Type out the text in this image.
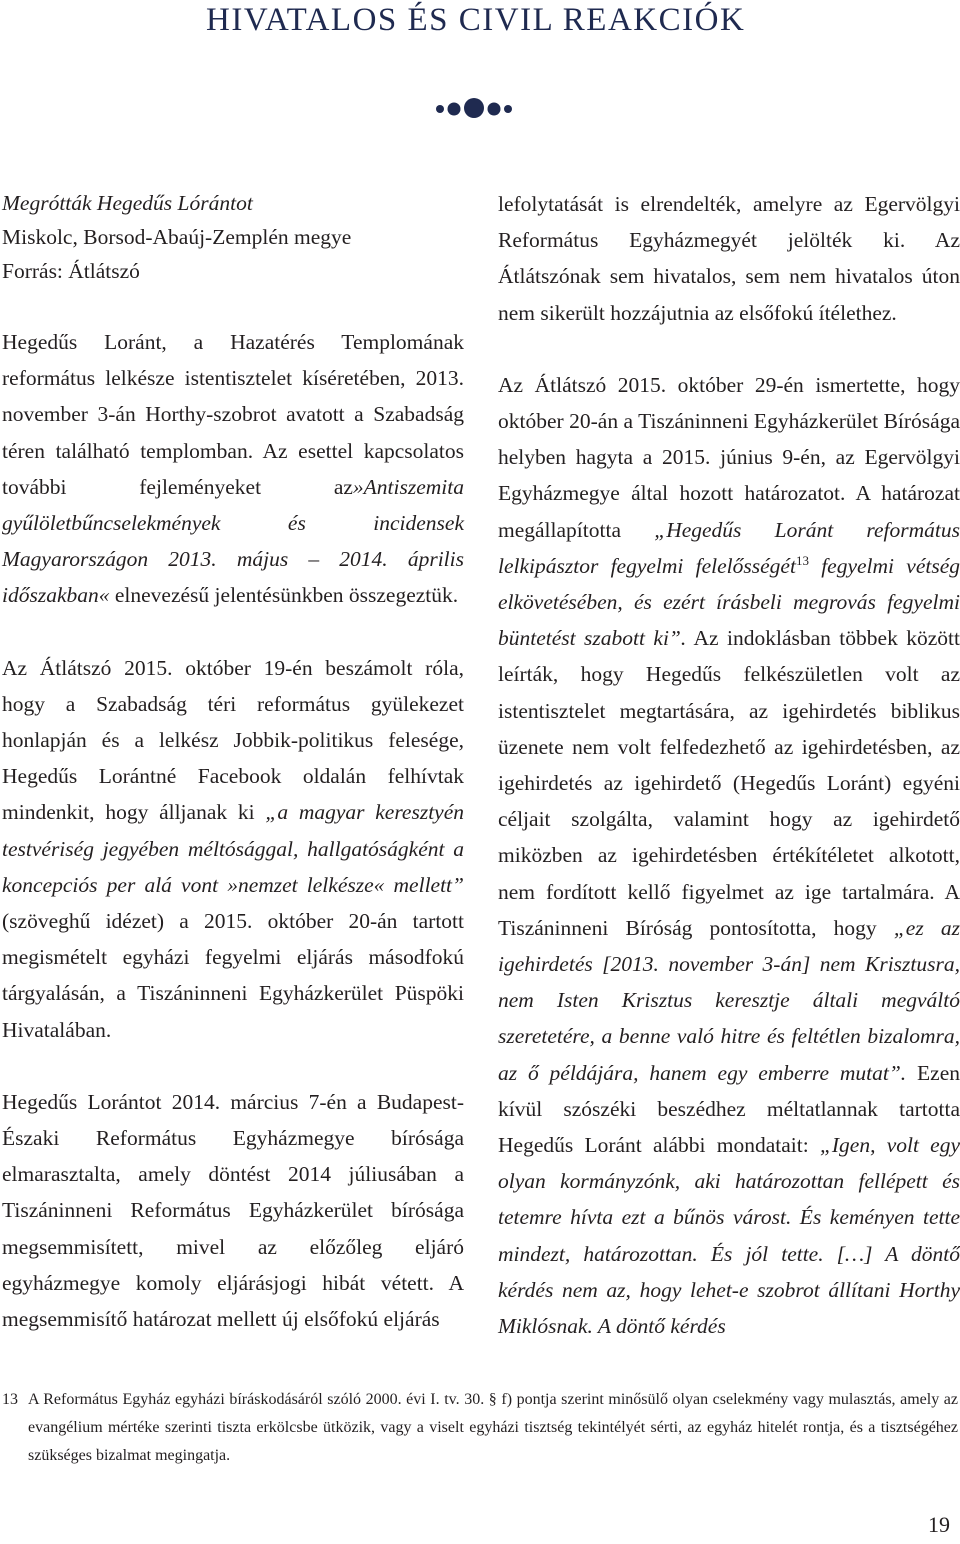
HIVATALOS ÉS CIVIL REAKCIÓK

Megrótták Hegedűs Lórántot
Miskolc, Borsod-Abaúj-Zemplén megye
Forrás: Átlátszó

Hegedűs Loránt, a Hazatérés Templomának református lelkésze istentisztelet kíséretében, 2013. november 3-án Horthy-szobrot avatott a Szabadság téren található templomban. Az esettel kapcsolatos további fejleményeket az»Antiszemita gyűlöletbűncselekmények és incidensek Magyarországon 2013. május – 2014. április időszakban« elnevezésű jelentésünkben összegeztük.

Az Átlátszó 2015. október 19-én beszámolt róla, hogy a Szabadság téri református gyülekezet honlapján és a lelkész Jobbik-politikus felesége, Hegedűs Lorántné Facebook oldalán felhívtak mindenkit, hogy álljanak ki „a magyar keresztyén testvériség jegyében méltósággal, hallgatóságként a koncepciós per alá vont »nemzet lelkésze« mellett” (szöveghű idézet) a 2015. október 20-án tartott megismételt egyházi fegyelmi eljárás másodfokú tárgyalásán, a Tiszáninneni Egyházkerület Püspöki Hivatalában.

Hegedűs Lorántot 2014. március 7-én a Budapest-Északi Református Egyházmegye bírósága elmarasztalta, amely döntést 2014 júliusában a Tiszáninneni Református Egyházkerület bírósága megsemmisített, mivel az előzőleg eljáró egyházmegye komoly eljárásjogi hibát vétett. A megsemmisítő határozat mellett új elsőfokú eljárás

lefolytatását is elrendelték, amelyre az Egervölgyi Református Egyházmegyét jelölték ki. Az Átlátszónak sem hivatalos, sem nem hivatalos úton nem sikerült hozzájutnia az elsőfokú ítélethez.

Az Átlátszó 2015. október 29-én ismertette, hogy október 20-án a Tiszáninneni Egyházkerület Bírósága helyben hagyta a 2015. június 9-én, az Egervölgyi Egyházmegye által hozott határozatot. A határozat megállapította „Hegedűs Loránt református lelkipásztor fegyelmi felelősségét$^{13}$ fegyelmi vétség elkövetésében, és ezért írásbeli megrovás fegyelmi büntetést szabott ki”. Az indoklásban többek között leírták, hogy Hegedűs felkészületlen volt az istentisztelet megtartására, az igehirdetés biblikus üzenete nem volt felfedezhető az igehirdetésben, az igehirdetés az igehirdető (Hegedűs Loránt) egyéni céljait szolgálta, valamint hogy az igehirdető miközben az igehirdetésben értékítéletet alkotott, nem fordított kellő figyelmet az ige tartalmára. A Tiszáninneni Bíróság pontosította, hogy „ez az igehirdetés [2013. november 3-án] nem Krisztusra, nem Isten Krisztus keresztje általi megváltó szeretetére, a benne való hitre és feltétlen bizalomra, az ő példájára, hanem egy emberre mutat”. Ezen kívül szószéki beszédhez méltatlannak tartotta Hegedűs Loránt alábbi mondatait: „Igen, volt egy olyan kormányzónk, aki határozottan fellépett és tetemre hívta ezt a bűnös várost. És keményen tette mindezt, határozottan. És jól tette. […] A döntő kérdés nem az, hogy lehet-e szobrot állítani Horthy Miklósnak. A döntő kérdés

13 A Református Egyház egyházi bíráskodásáról szóló 2000. évi I. tv. 30. § f) pontja szerint minősülő olyan cselekmény vagy mulasztás, amely az evangélium mértéke szerinti tiszta erkölcsbe ütközik, vagy a viselt egyházi tisztség tekintélyét sérti, az egyház hitelét rontja, és a tisztségéhez szükséges bizalmat megingatja.
19
